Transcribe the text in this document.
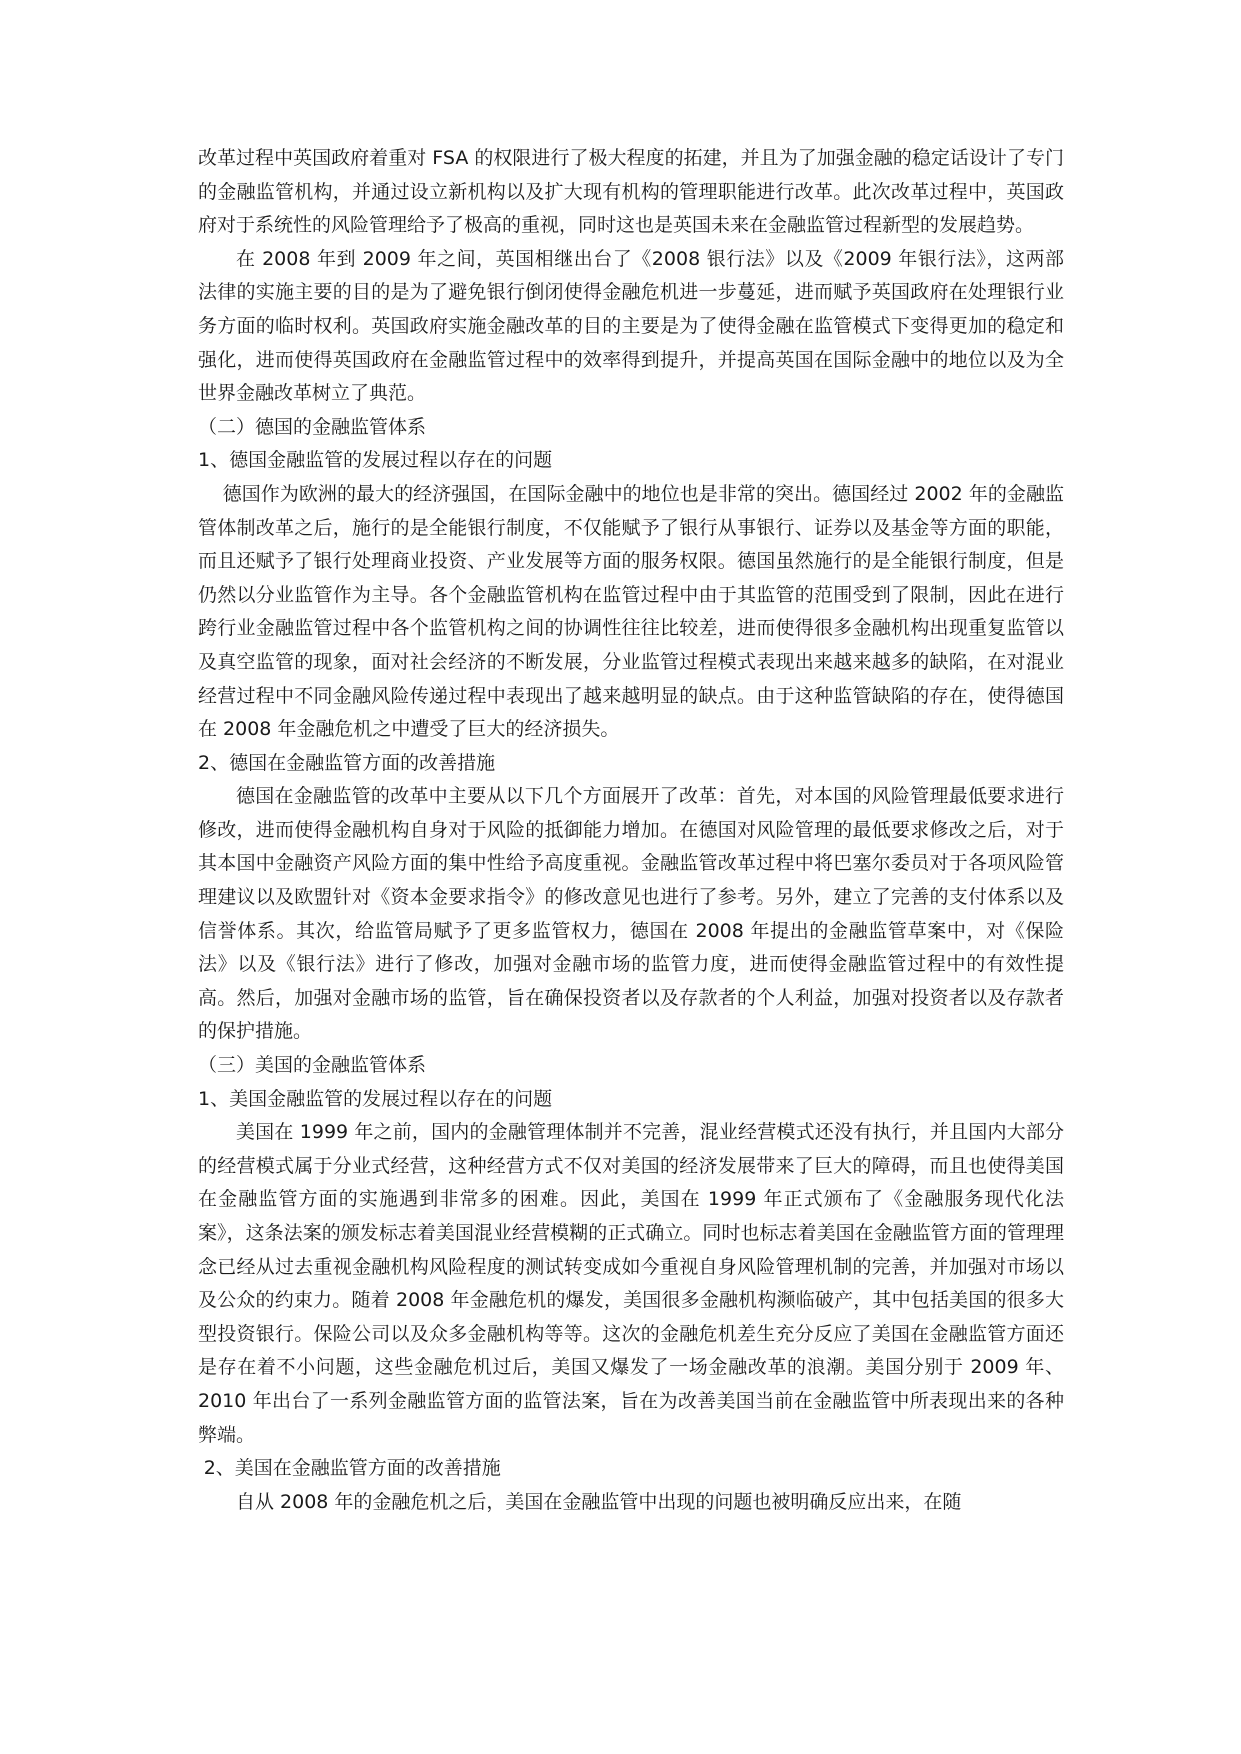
改革过程中英国政府着重对 FSA 的权限进行了极大程度的拓建，并且为了加强金融的稳定话设计了专门的金融监管机构，并通过设立新机构以及扩大现有机构的管理职能进行改革。此次改革过程中，英国政府对于系统性的风险管理给予了极高的重视，同时这也是英国未来在金融监管过程新型的发展趋势。

在 2008 年到 2009 年之间，英国相继出台了《2008 银行法》以及《2009 年银行法》，这两部法律的实施主要的目的是为了避免银行倒闭使得金融危机进一步蔓延，进而赋予英国政府在处理银行业务方面的临时权利。英国政府实施金融改革的目的主要是为了使得金融在监管模式下变得更加的稳定和强化，进而使得英国政府在金融监管过程中的效率得到提升，并提高英国在国际金融中的地位以及为全世界金融改革树立了典范。

（二）德国的金融监管体系

1、德国金融监管的发展过程以存在的问题

德国作为欧洲的最大的经济强国，在国际金融中的地位也是非常的突出。德国经过 2002 年的金融监管体制改革之后，施行的是全能银行制度，不仅能赋予了银行从事银行、证券以及基金等方面的职能，而且还赋予了银行处理商业投资、产业发展等方面的服务权限。德国虽然施行的是全能银行制度，但是仍然以分业监管作为主导。各个金融监管机构在监管过程中由于其监管的范围受到了限制，因此在进行跨行业金融监管过程中各个监管机构之间的协调性往往比较差，进而使得很多金融机构出现重复监管以及真空监管的现象，面对社会经济的不断发展，分业监管过程模式表现出来越来越多的缺陷，在对混业经营过程中不同金融风险传递过程中表现出了越来越明显的缺点。由于这种监管缺陷的存在，使得德国在 2008 年金融危机之中遭受了巨大的经济损失。

2、德国在金融监管方面的改善措施

德国在金融监管的改革中主要从以下几个方面展开了改革：首先，对本国的风险管理最低要求进行修改，进而使得金融机构自身对于风险的抵御能力增加。在德国对风险管理的最低要求修改之后，对于其本国中金融资产风险方面的集中性给予高度重视。金融监管改革过程中将巴塞尔委员对于各项风险管理建议以及欧盟针对《资本金要求指令》的修改意见也进行了参考。另外，建立了完善的支付体系以及信誉体系。其次，给监管局赋予了更多监管权力，德国在 2008 年提出的金融监管草案中，对《保险法》以及《银行法》进行了修改，加强对金融市场的监管力度，进而使得金融监管过程中的有效性提高。然后，加强对金融市场的监管，旨在确保投资者以及存款者的个人利益，加强对投资者以及存款者的保护措施。

（三）美国的金融监管体系

1、美国金融监管的发展过程以存在的问题

美国在 1999 年之前，国内的金融管理体制并不完善，混业经营模式还没有执行，并且国内大部分的经营模式属于分业式经营，这种经营方式不仅对美国的经济发展带来了巨大的障碍，而且也使得美国在金融监管方面的实施遇到非常多的困难。因此，美国在 1999 年正式颁布了《金融服务现代化法案》，这条法案的颁发标志着美国混业经营模糊的正式确立。同时也标志着美国在金融监管方面的管理理念已经从过去重视金融机构风险程度的测试转变成如今重视自身风险管理机制的完善，并加强对市场以及公众的约束力。随着 2008 年金融危机的爆发，美国很多金融机构濒临破产，其中包括美国的很多大型投资银行。保险公司以及众多金融机构等等。这次的金融危机差生充分反应了美国在金融监管方面还是存在着不小问题，这些金融危机过后，美国又爆发了一场金融改革的浪潮。美国分别于 2009 年、2010 年出台了一系列金融监管方面的监管法案，旨在为改善美国当前在金融监管中所表现出来的各种弊端。

2、美国在金融监管方面的改善措施

自从 2008 年的金融危机之后，美国在金融监管中出现的问题也被明确反应出来，在随
